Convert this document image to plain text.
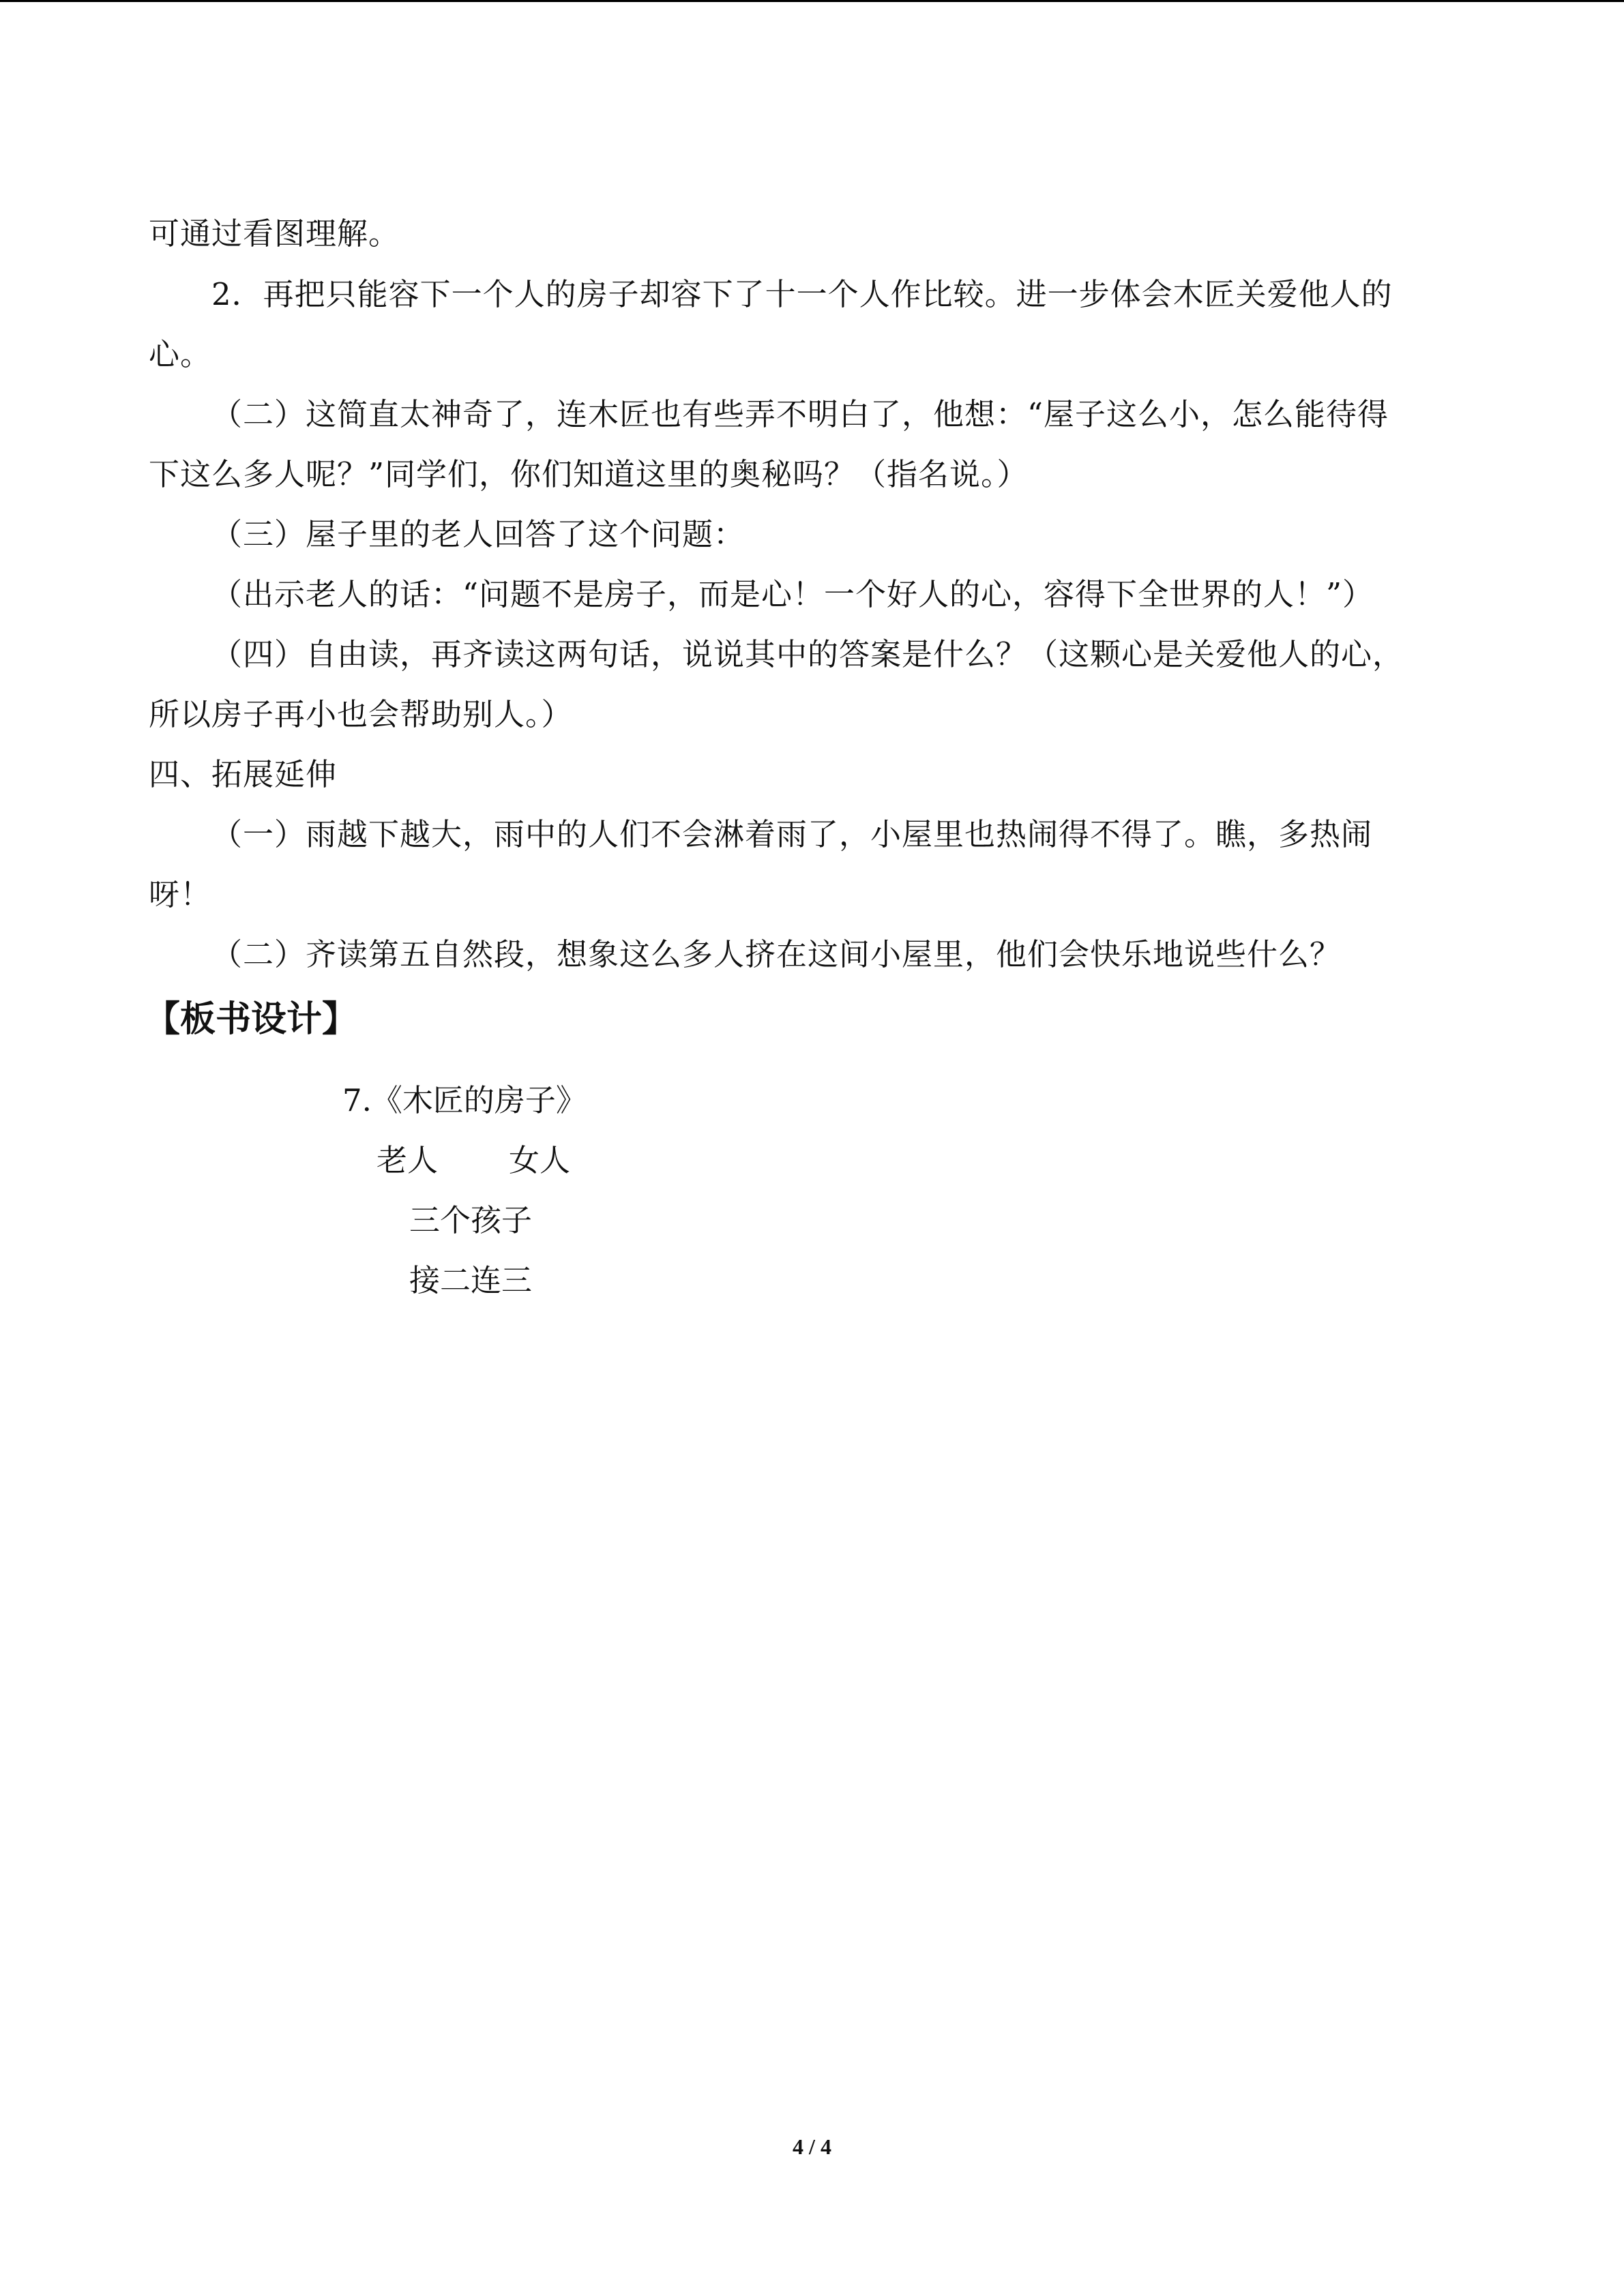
可通过看图理解。
2．再把只能容下一个人的房子却容下了十一个人作比较。进一步体会木匠关爱他人的
心。
（二）这简直太神奇了，连木匠也有些弄不明白了，他想：“屋子这么小，怎么能待得
下这么多人呢？”同学们，你们知道这里的奥秘吗？（指名说。）
（三）屋子里的老人回答了这个问题：
（出示老人的话：“问题不是房子，而是心！一个好人的心，容得下全世界的人！”）
（四）自由读，再齐读这两句话，说说其中的答案是什么？（这颗心是关爱他人的心，
所以房子再小也会帮助别人。）
四、拓展延伸
（一）雨越下越大，雨中的人们不会淋着雨了，小屋里也热闹得不得了。瞧，多热闹
呀！
（二）齐读第五自然段，想象这么多人挤在这间小屋里，他们会快乐地说些什么？
【板书设计】
7.《木匠的房子》
老人 女人
三个孩子
接二连三
4 / 4
